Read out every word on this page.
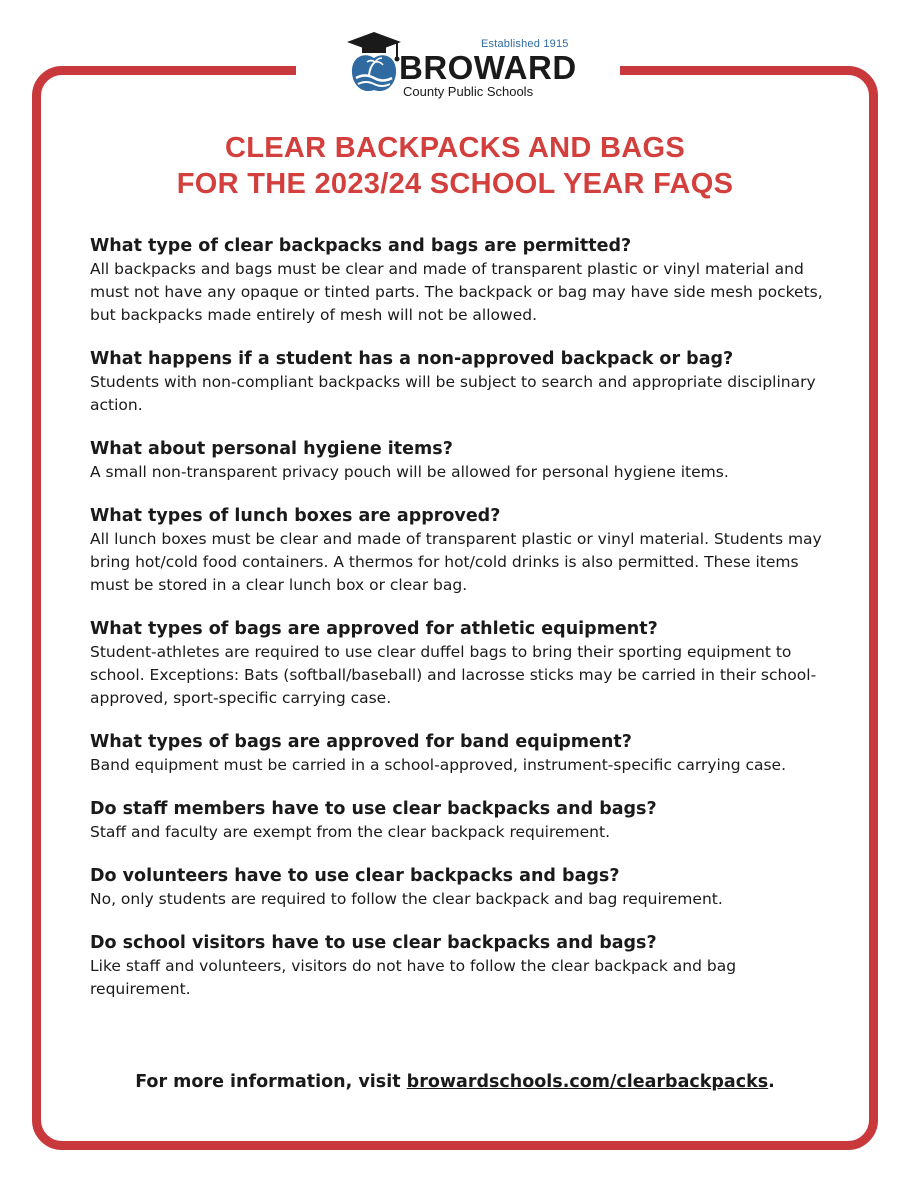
Established 1915
BROWARD
County Public Schools
CLEAR BACKPACKS AND BAGS
FOR THE 2023/24 SCHOOL YEAR FAQS
What type of clear backpacks and bags are permitted?
All backpacks and bags must be clear and made of transparent plastic or vinyl material and must not have any opaque or tinted parts. The backpack or bag may have side mesh pockets, but backpacks made entirely of mesh will not be allowed.
What happens if a student has a non-approved backpack or bag?
Students with non-compliant backpacks will be subject to search and appropriate disciplinary action.
What about personal hygiene items?
A small non-transparent privacy pouch will be allowed for personal hygiene items.
What types of lunch boxes are approved?
All lunch boxes must be clear and made of transparent plastic or vinyl material. Students may bring hot/cold food containers. A thermos for hot/cold drinks is also permitted. These items must be stored in a clear lunch box or clear bag.
What types of bags are approved for athletic equipment?
Student-athletes are required to use clear duffel bags to bring their sporting equipment to school. Exceptions: Bats (softball/baseball) and lacrosse sticks may be carried in their school-approved, sport-specific carrying case.
What types of bags are approved for band equipment?
Band equipment must be carried in a school-approved, instrument-specific carrying case.
Do staff members have to use clear backpacks and bags?
Staff and faculty are exempt from the clear backpack requirement.
Do volunteers have to use clear backpacks and bags?
No, only students are required to follow the clear backpack and bag requirement.
Do school visitors have to use clear backpacks and bags?
Like staff and volunteers, visitors do not have to follow the clear backpack and bag requirement.
For more information, visit browardschools.com/clearbackpacks.
